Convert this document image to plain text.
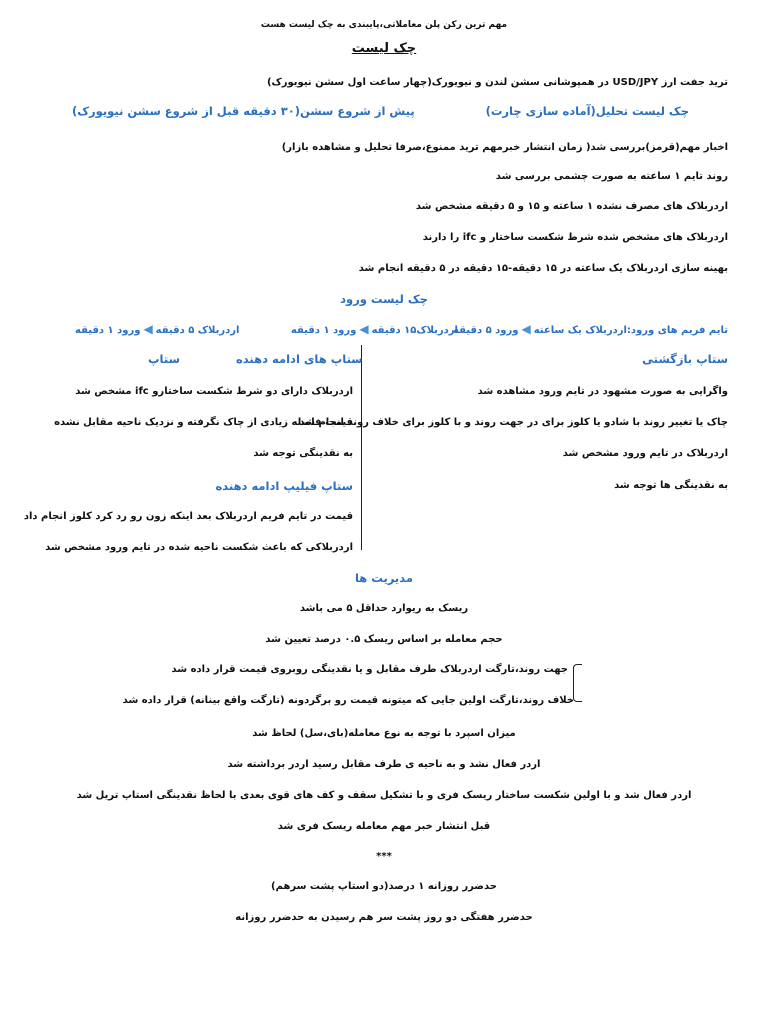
مهم ترین رکن پلن معاملاتی،پایبندی به چک لیست هست
چک لیست
ترید جفت ارز USD/JPY در همپوشانی سشن لندن و نیویورک(چهار ساعت اول سشن نیویورک)
چک لیست تحلیل(آماده سازی چارت)
پیش از شروع سشن(۳۰ دقیقه قبل از شروع سشن نیویورک)
اخبار مهم(قرمز)بررسی شد( زمان انتشار خبرمهم ترید ممنوع،صرفا تحلیل و مشاهده بازار)
روند تایم ۱ ساعته به صورت چشمی بررسی شد
اردربلاک های مصرف نشده ۱ ساعته و ۱۵ و ۵ دقیقه مشخص شد
اردربلاک های مشخص شده شرط شکست ساختار و ifc را دارند
بهینه سازی اردربلاک یک ساعته در ۱۵ دقیقه-۱۵ دقیقه در ۵ دقیقه انجام شد
چک لیست ورود
تایم فریم های ورود:اردربلاک یک ساعته◀ورود ۵ دقیقه
اردربلاک۱۵ دقیقه◀ورود ۱ دقیقه
اردربلاک ۵ دقیقه◀ورود ۱ دقیقه
ستاپ بازگشتی
واگرایی به صورت مشهود در تایم ورود مشاهده شد
چاک یا تغییر روند با شادو یا کلوز برای در جهت روند و با کلوز برای خلاف روند انجام شد
اردربلاک در تایم ورود مشخص شد
به نقدینگی ها توجه شد
ستاپ	ستاپ های ادامه دهنده
اردربلاک دارای دو شرط شکست ساختارو ifc مشخص شد
قیمت فاصله زیادی از چاک نگرفته و نزدیک ناحیه مقابل نشده
به نقدینگی توجه شد
ستاپ فیلیپ ادامه دهنده
قیمت در تایم فریم اردربلاک بعد اینکه زون رو رد کرد کلوز انجام داد
اردربلاکی که باعث شکست ناحیه شده در تایم ورود مشخص شد
مدیریت ها
ریسک به ریوارد حداقل ۵ می باشد
حجم معامله بر اساس ریسک ۰.۵ درصد تعیین شد
جهت روند،تارگت اردربلاک طرف مقابل و یا نقدینگی روبروی قیمت قرار داده شد
خلاف روند،تارگت اولین جایی که میتونه قیمت رو برگردونه (تارگت واقع بینانه) قرار داده شد
میزان اسپرد با توجه به نوع معامله(بای،سل) لحاظ شد
اردر فعال نشد و به ناحیه ی طرف مقابل رسید اردر برداشته شد
اردر فعال شد و با اولین شکست ساختار ریسک فری و با تشکیل سقف و کف های قوی بعدی با لحاظ نقدینگی استاپ تریل شد
قبل انتشار خبر مهم معامله ریسک فری شد
***
حدضرر روزانه ۱ درصد(دو استاپ پشت سرهم)
حدضرر هفتگی دو روز پشت سر هم رسیدن به حدضرر روزانه
